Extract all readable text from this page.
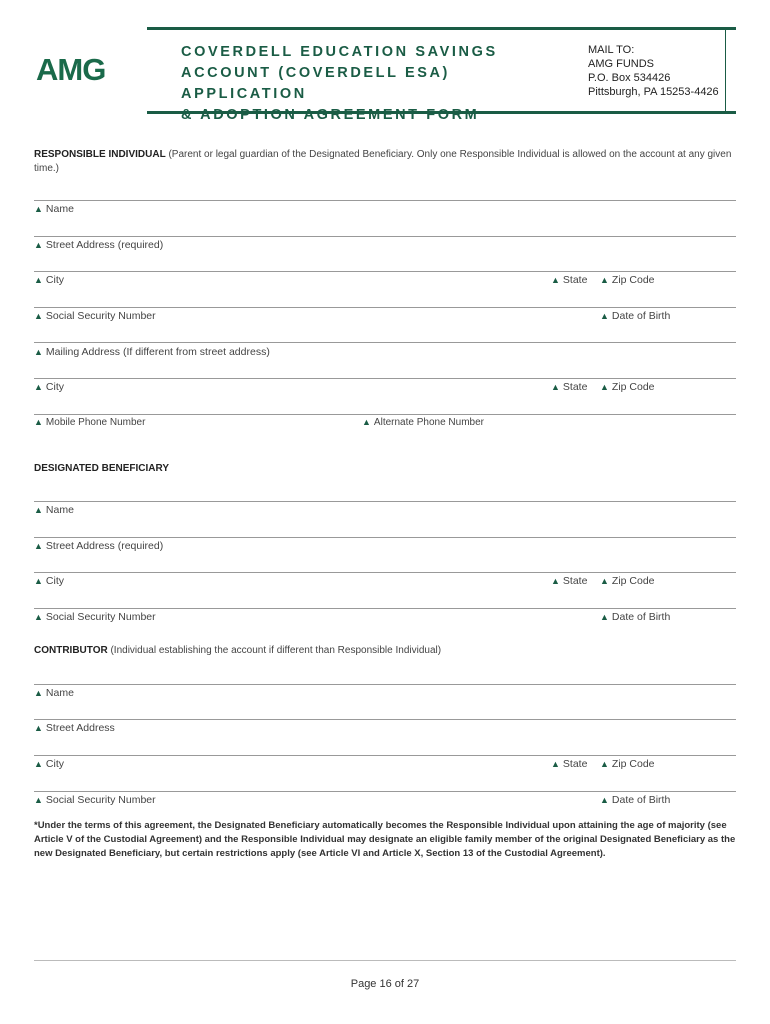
AMG	COVERDELL EDUCATION SAVINGS
ACCOUNT (COVERDELL ESA) APPLICATION
& ADOPTION AGREEMENT FORM
MAIL TO:
AMG FUNDS
P.O. Box 534426
Pittsburgh, PA 15253-4426
RESPONSIBLE INDIVIDUAL (Parent or legal guardian of the Designated Beneficiary. Only one Responsible Individual is allowed on the account at any given time.)
▲ Name
▲ Street Address (required)
▲ City	▲ State ▲ Zip Code
▲ Social Security Number	▲ Date of Birth
▲ Mailing Address (If different from street address)
▲ City	▲ State ▲ Zip Code
▲ Mobile Phone Number	▲ Alternate Phone Number
DESIGNATED BENEFICIARY
▲ Name
▲ Street Address (required)
▲ City	▲ State ▲ Zip Code
▲ Social Security Number	▲ Date of Birth
CONTRIBUTOR (Individual establishing the account if different than Responsible Individual)
▲ Name
▲ Street Address
▲ City	▲ State ▲ Zip Code
▲ Social Security Number	▲ Date of Birth
*Under the terms of this agreement, the Designated Beneficiary automatically becomes the Responsible Individual upon attaining the age of majority (see Article V of the Custodial Agreement) and the Responsible Individual may designate an eligible family member of the original Designated Beneficiary as the new Designated Beneficiary, but certain restrictions apply (see Article VI and Article X, Section 13 of the Custodial Agreement).
Page 16 of 27
